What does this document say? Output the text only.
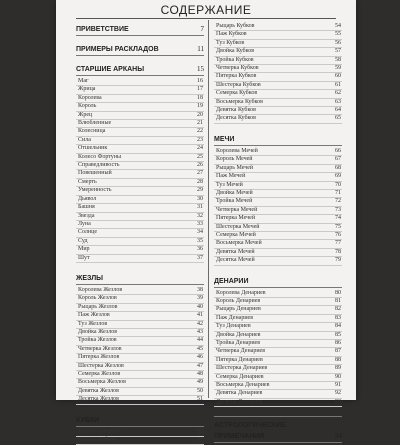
СОДЕРЖАНИЕ
ПРИВЕТСТВИЕ	7
ПРИМЕРЫ РАСКЛАДОВ	11
СТАРШИЕ АРКАНЫ	15
Маг	16
Жрица	17
Королева	18
Король	19
Жрец	20
Влюбленные	21
Колесница	22
Сила	23
Отшельник	24
Колесо Фортуны	25
Справедливость	26
Повешенный	27
Смерть	28
Умеренность	29
Дьявол	30
Башня	31
Звезда	32
Луна	33
Солнце	34
Суд	35
Мир	36
Шут	37
ЖЕЗЛЫ
Королева Жезлов	38
Король Жезлов	39
Рыцарь Жезлов	40
Паж Жезлов	41
Туз Жезлов	42
Двойка Жезлов	43
Тройка Жезлов	44
Четверка Жезлов	45
Пятерка Жезлов	46
Шестерка Жезлов	47
Семерка Жезлов	48
Восьмерка Жезлов	49
Девятка Жезлов	50
Десятка Жезлов	51
КУБКИ
Королева Кубков	52
Король Кубков	53
Рыцарь Кубков	54
Паж Кубков	55
Туз Кубков	56
Двойка Кубков	57
Тройка Кубков	58
Четверка Кубков	59
Пятерка Кубков	60
Шестерка Кубков	61
Семерка Кубков	62
Восьмерка Кубков	63
Девятка Кубков	64
Десятка Кубков	65
МЕЧИ
Королева Мечей	66
Король Мечей	67
Рыцарь Мечей	68
Паж Мечей	69
Туз Мечей	70
Двойка Мечей	71
Тройка Мечей	72
Четверка Мечей	73
Пятерка Мечей	74
Шестерка Мечей	75
Семерка Мечей	76
Восьмерка Мечей	77
Девятка Мечей	78
Десятка Мечей	79
ДЕНАРИИ
Королева Денариев	80
Король Денариев	81
Рыцарь Денариев	82
Паж Денариев	83
Туз Денариев	84
Двойка Денариев	85
Тройка Денариев	86
Четверка Денариев	87
Пятерка Денариев	88
Шестерка Денариев	89
Семерка Денариев	90
Восьмерка Денариев	91
Девятка Денариев	92
Десятка Денариев	93
АСТРОЛОГИЧЕСКИЕ
ПРИМЕЧАНИЯ	94
